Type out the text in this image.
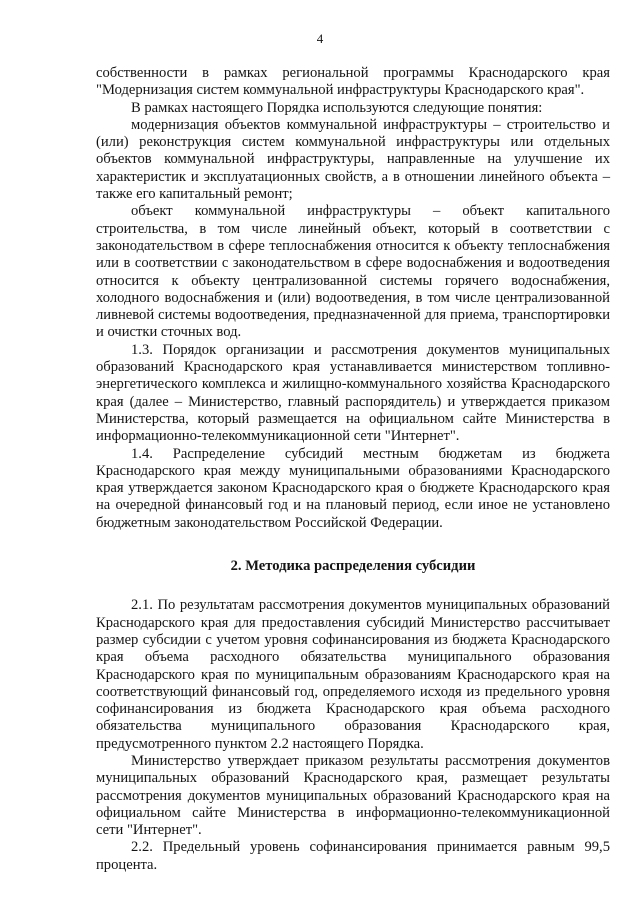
4

собственности в рамках региональной программы Краснодарского края "Модернизация систем коммунальной инфраструктуры Краснодарского края".

В рамках настоящего Порядка используются следующие понятия:

модернизация объектов коммунальной инфраструктуры – строительство и (или) реконструкция систем коммунальной инфраструктуры или отдельных объектов коммунальной инфраструктуры, направленные на улучшение их характеристик и эксплуатационных свойств, а в отношении линейного объекта – также его капитальный ремонт;

объект коммунальной инфраструктуры – объект капитального строительства, в том числе линейный объект, который в соответствии с законодательством в сфере теплоснабжения относится к объекту теплоснабжения или в соответствии с законодательством в сфере водоснабжения и водоотведения относится к объекту централизованной системы горячего водоснабжения, холодного водоснабжения и (или) водоотведения, в том числе централизованной ливневой системы водоотведения, предназначенной для приема, транспортировки и очистки сточных вод.

1.3. Порядок организации и рассмотрения документов муниципальных образований Краснодарского края устанавливается министерством топливно-энергетического комплекса и жилищно-коммунального хозяйства Краснодарского края (далее – Министерство, главный распорядитель) и утверждается приказом Министерства, который размещается на официальном сайте Министерства в информационно-телекоммуникационной сети "Интернет".

1.4. Распределение субсидий местным бюджетам из бюджета Краснодарского края между муниципальными образованиями Краснодарского края утверждается законом Краснодарского края о бюджете Краснодарского края на очередной финансовый год и на плановый период, если иное не установлено бюджетным законодательством Российской Федерации.

2. Методика распределения субсидии

2.1. По результатам рассмотрения документов муниципальных образований Краснодарского края для предоставления субсидий Министерство рассчитывает размер субсидии с учетом уровня софинансирования из бюджета Краснодарского края объема расходного обязательства муниципального образования Краснодарского края по муниципальным образованиям Краснодарского края на соответствующий финансовый год, определяемого исходя из предельного уровня софинансирования из бюджета Краснодарского края объема расходного обязательства муниципального образования Краснодарского края, предусмотренного пунктом 2.2 настоящего Порядка.

Министерство утверждает приказом результаты рассмотрения документов муниципальных образований Краснодарского края, размещает результаты рассмотрения документов муниципальных образований Краснодарского края на официальном сайте Министерства в информационно-телекоммуникационной сети "Интернет".

2.2. Предельный уровень софинансирования принимается равным 99,5 процента.
